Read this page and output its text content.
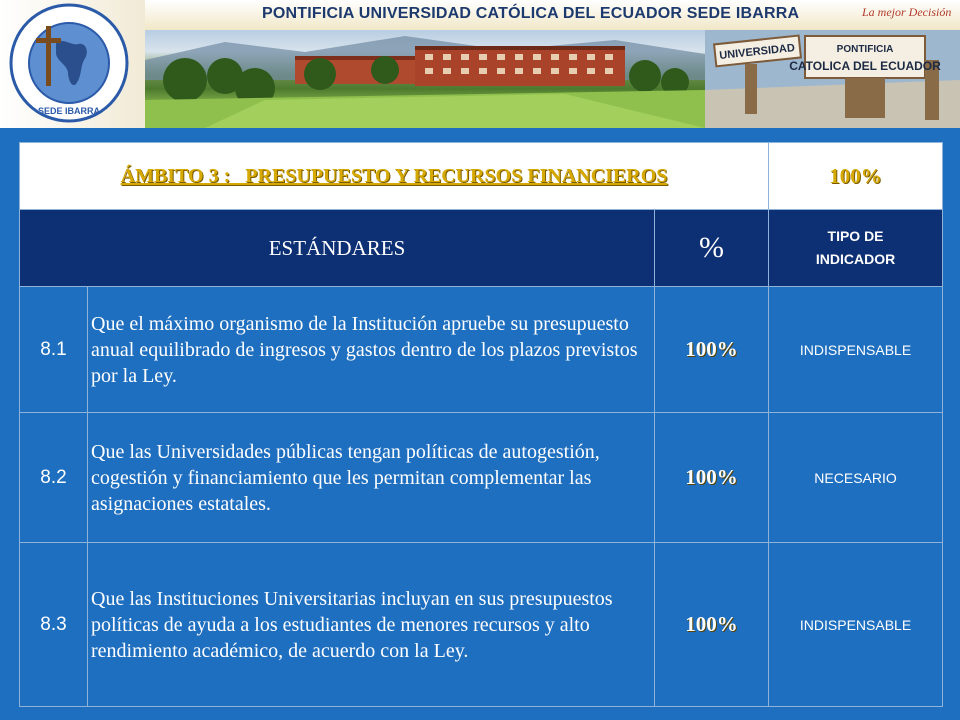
UNIVERSIDAD	PONTIFICIA
CATOLICA DEL ECUADOR
SEDE IBARRA
PONTIFICIA UNIVERSIDAD CATÓLICA DEL ECUADOR SEDE IBARRA	La mejor Decisión
ÁMBITO 3 :   PRESUPUESTO Y RECURSOS FINANCIEROS			100%
ESTÁNDARES		%	TIPO DE INDICADOR

8.1	Que el máximo organismo de la Institución apruebe su presupuesto anual equilibrado de ingresos y gastos dentro de los plazos previstos por la Ley.	100%	INDISPENSABLE
8.2	Que las Universidades públicas tengan políticas de autogestión, cogestión y financiamiento que les permitan complementar las asignaciones estatales.	100%	NECESARIO
8.3	Que las Instituciones Universitarias incluyan en sus presupuestos políticas de ayuda a los estudiantes de menores recursos y alto rendimiento académico, de acuerdo con la Ley.	100%	INDISPENSABLE
